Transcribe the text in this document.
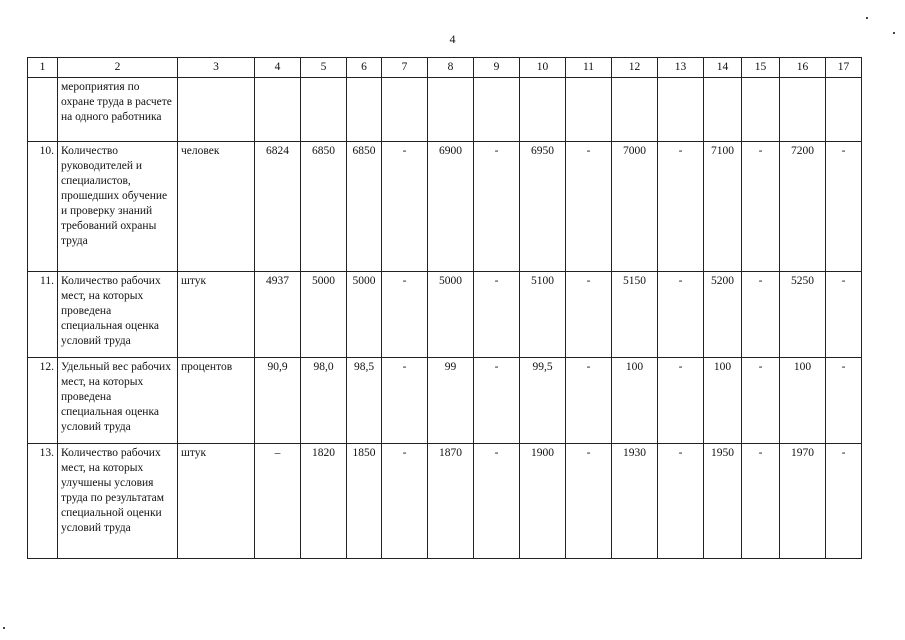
4
1	2	3	4	5	6	7	8	9	10	11	12	13	14	15	16	17
	мероприятия по охране труда в расчете на одного работника															
10.	Количество руководителей и специалистов, прошедших обучение и проверку знаний требований охраны труда	человек	6824	6850	6850	-	6900	-	6950	-	7000	-	7100	-	7200	-
11.	Количество рабочих мест, на которых проведена специальная оценка условий труда	штук	4937	5000	5000	-	5000	-	5100	-	5150	-	5200	-	5250	-
12.	Удельный вес рабочих мест, на которых проведена специальная оценка условий труда	процентов	90,9	98,0	98,5	-	99	-	99,5	-	100	-	100	-	100	-
13.	Количество рабочих мест, на которых улучшены условия труда по результатам специальной оценки условий труда	штук	–	1820	1850	-	1870	-	1900	-	1930	-	1950	-	1970	-
